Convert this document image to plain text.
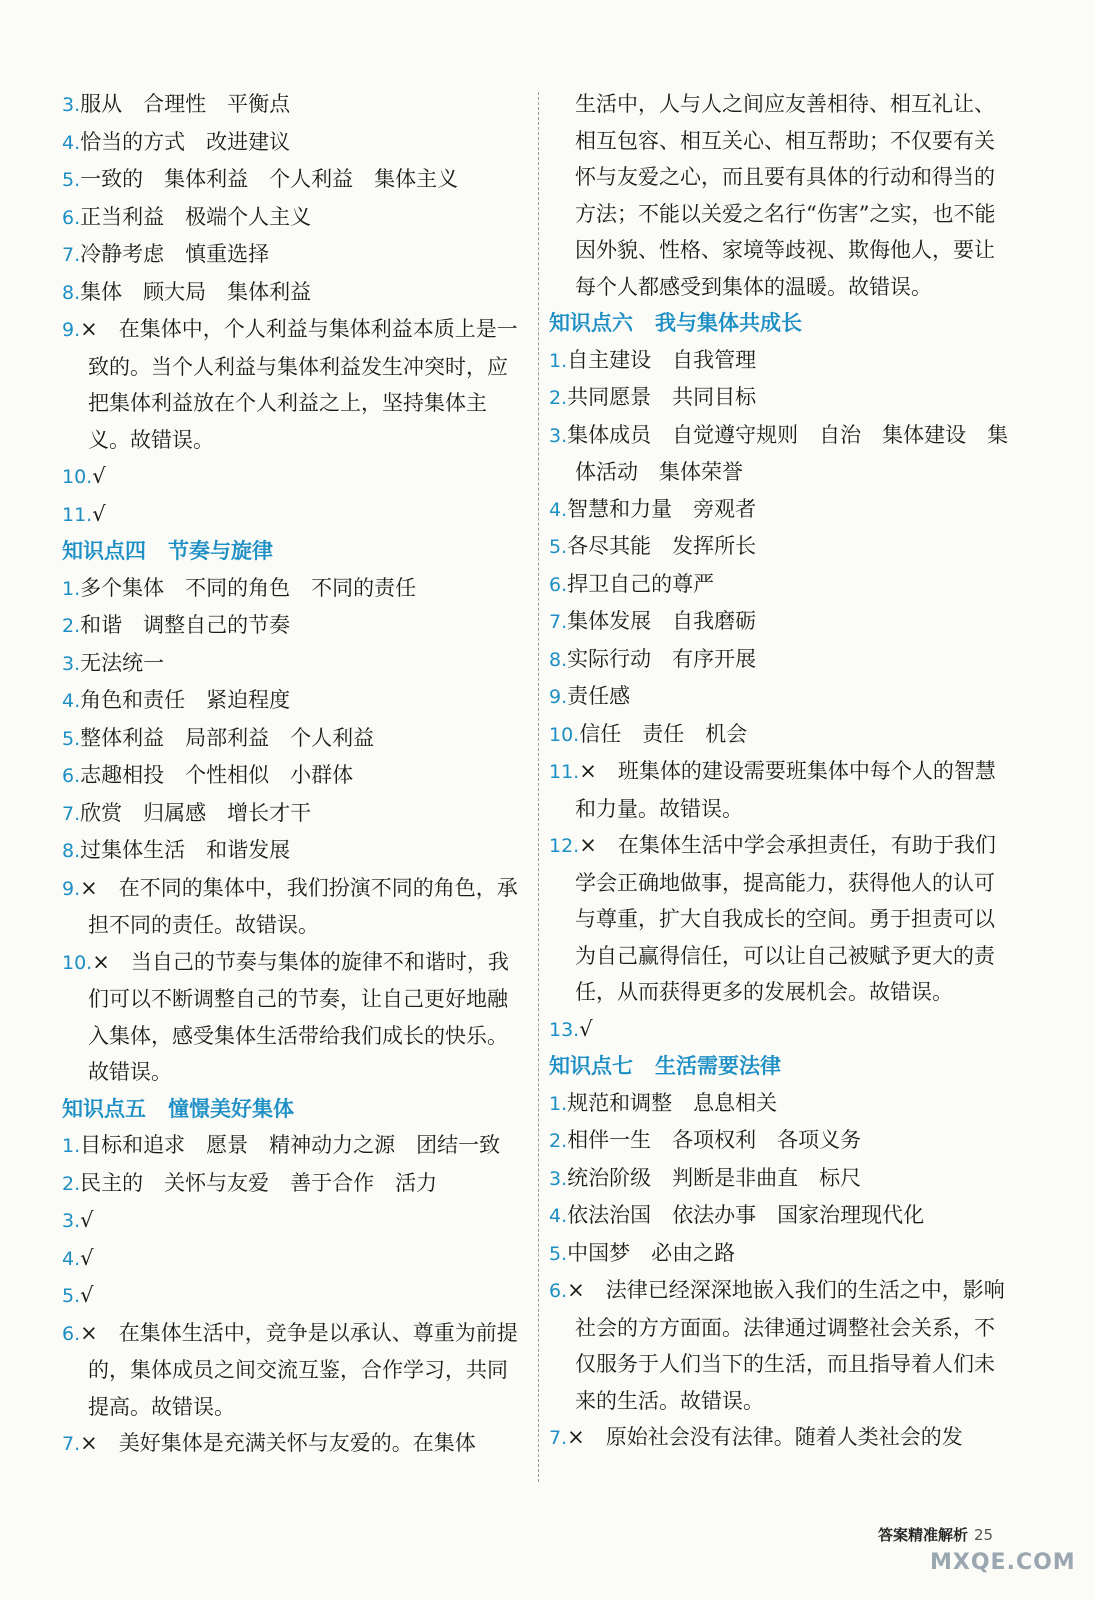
3.服从　合理性　平衡点

4.恰当的方式　改进建议

5.一致的　集体利益　个人利益　集体主义

6.正当利益　极端个人主义

7.冷静考虑　慎重选择

8.集体　顾大局　集体利益

9.×　在集体中，个人利益与集体利益本质上是一致的。当个人利益与集体利益发生冲突时，应把集体利益放在个人利益之上，坚持集体主义。故错误。

10.√

11.√

知识点四 节奏与旋律

1.多个集体　不同的角色　不同的责任

2.和谐　调整自己的节奏

3.无法统一

4.角色和责任　紧迫程度

5.整体利益　局部利益　个人利益

6.志趣相投　个性相似　小群体

7.欣赏　归属感　增长才干

8.过集体生活　和谐发展

9.×　在不同的集体中，我们扮演不同的角色，承担不同的责任。故错误。

10.×　当自己的节奏与集体的旋律不和谐时，我们可以不断调整自己的节奏，让自己更好地融入集体，感受集体生活带给我们成长的快乐。故错误。

知识点五 憧憬美好集体

1.目标和追求　愿景　精神动力之源　团结一致

2.民主的　关怀与友爱　善于合作　活力

3.√

4.√

5.√

6.×　在集体生活中，竞争是以承认、尊重为前提的，集体成员之间交流互鉴，合作学习，共同提高。故错误。

7.×　美好集体是充满关怀与友爱的。在集体

生活中，人与人之间应友善相待、相互礼让、相互包容、相互关心、相互帮助；不仅要有关怀与友爱之心，而且要有具体的行动和得当的方法；不能以关爱之名行“伤害”之实，也不能因外貌、性格、家境等歧视、欺侮他人，要让每个人都感受到集体的温暖。故错误。

知识点六 我与集体共成长

1.自主建设　自我管理

2.共同愿景　共同目标

3.集体成员　自觉遵守规则　自治　集体建设　集体活动　集体荣誉

4.智慧和力量　旁观者

5.各尽其能　发挥所长

6.捍卫自己的尊严

7.集体发展　自我磨砺

8.实际行动　有序开展

9.责任感

10.信任　责任　机会

11.×　班集体的建设需要班集体中每个人的智慧和力量。故错误。

12.×　在集体生活中学会承担责任，有助于我们学会正确地做事，提高能力，获得他人的认可与尊重，扩大自我成长的空间。勇于担责可以为自己赢得信任，可以让自己被赋予更大的责任，从而获得更多的发展机会。故错误。

13.√

知识点七 生活需要法律

1.规范和调整　息息相关

2.相伴一生　各项权利　各项义务

3.统治阶级　判断是非曲直　标尺

4.依法治国　依法办事　国家治理现代化

5.中国梦　必由之路

6.×　法律已经深深地嵌入我们的生活之中，影响社会的方方面面。法律通过调整社会关系，不仅服务于人们当下的生活，而且指导着人们未来的生活。故错误。

7.×　原始社会没有法律。随着人类社会的发

答案精准解析 25
MXQE.COM
